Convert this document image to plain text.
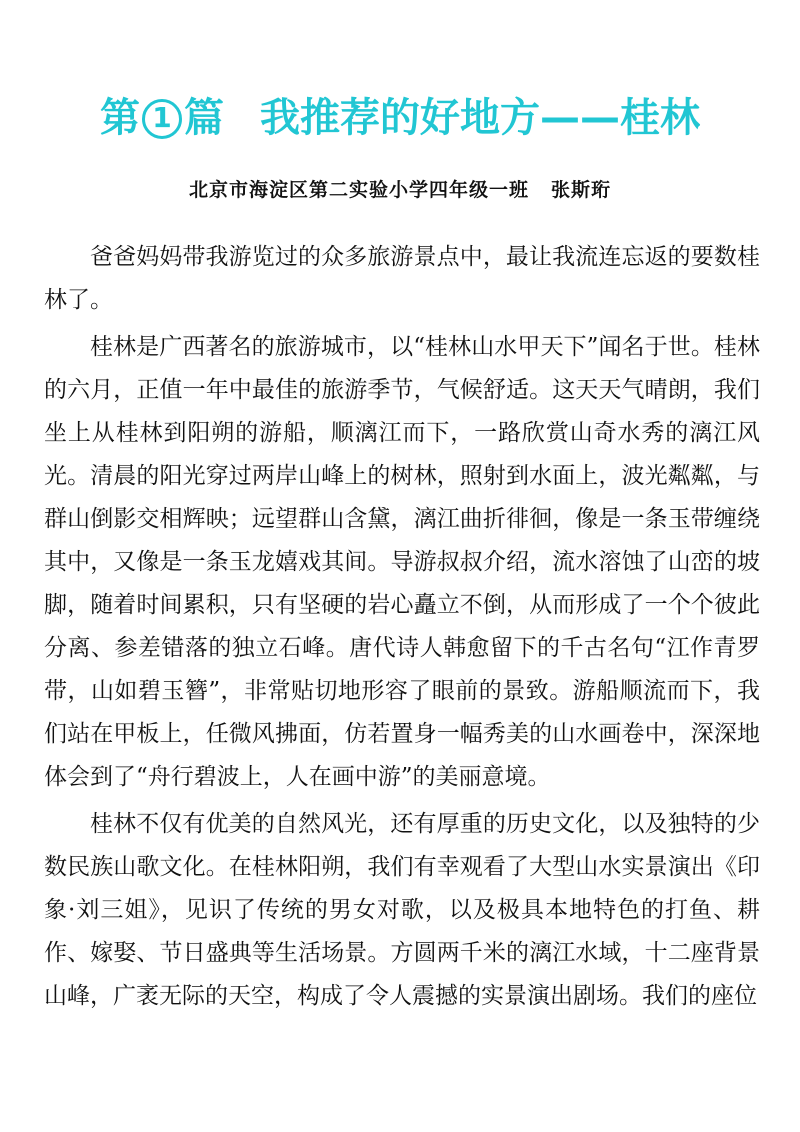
第 1 篇 我推荐的好地方——桂林
北京市海淀区第二实验小学四年级一班 张斯珩

爸爸妈妈带我游览过的众多旅游景点中，最让我流连忘返的要数桂林了。

桂林是广西著名的旅游城市，以“桂林山水甲天下”闻名于世。桂林的六月，正值一年中最佳的旅游季节，气候舒适。这天天气晴朗，我们坐上从桂林到阳朔的游船，顺漓江而下，一路欣赏山奇水秀的漓江风光。清晨的阳光穿过两岸山峰上的树林，照射到水面上，波光粼粼，与群山倒影交相辉映；远望群山含黛，漓江曲折徘徊，像是一条玉带缠绕其中，又像是一条玉龙嬉戏其间。导游叔叔介绍，流水溶蚀了山峦的坡脚，随着时间累积，只有坚硬的岩心矗立不倒，从而形成了一个个彼此分离、参差错落的独立石峰。唐代诗人韩愈留下的千古名句“江作青罗带，山如碧玉簪”，非常贴切地形容了眼前的景致。游船顺流而下，我们站在甲板上，任微风拂面，仿若置身一幅秀美的山水画卷中，深深地体会到了“舟行碧波上，人在画中游”的美丽意境。

桂林不仅有优美的自然风光，还有厚重的历史文化，以及独特的少数民族山歌文化。在桂林阳朔，我们有幸观看了大型山水实景演出《印象·刘三姐》，见识了传统的男女对歌，以及极具本地特色的打鱼、耕作、嫁娶、节日盛典等生活场景。方圆两千米的漓江水域，十二座背景山峰，广袤无际的天空，构成了令人震撼的实景演出剧场。我们的座位
